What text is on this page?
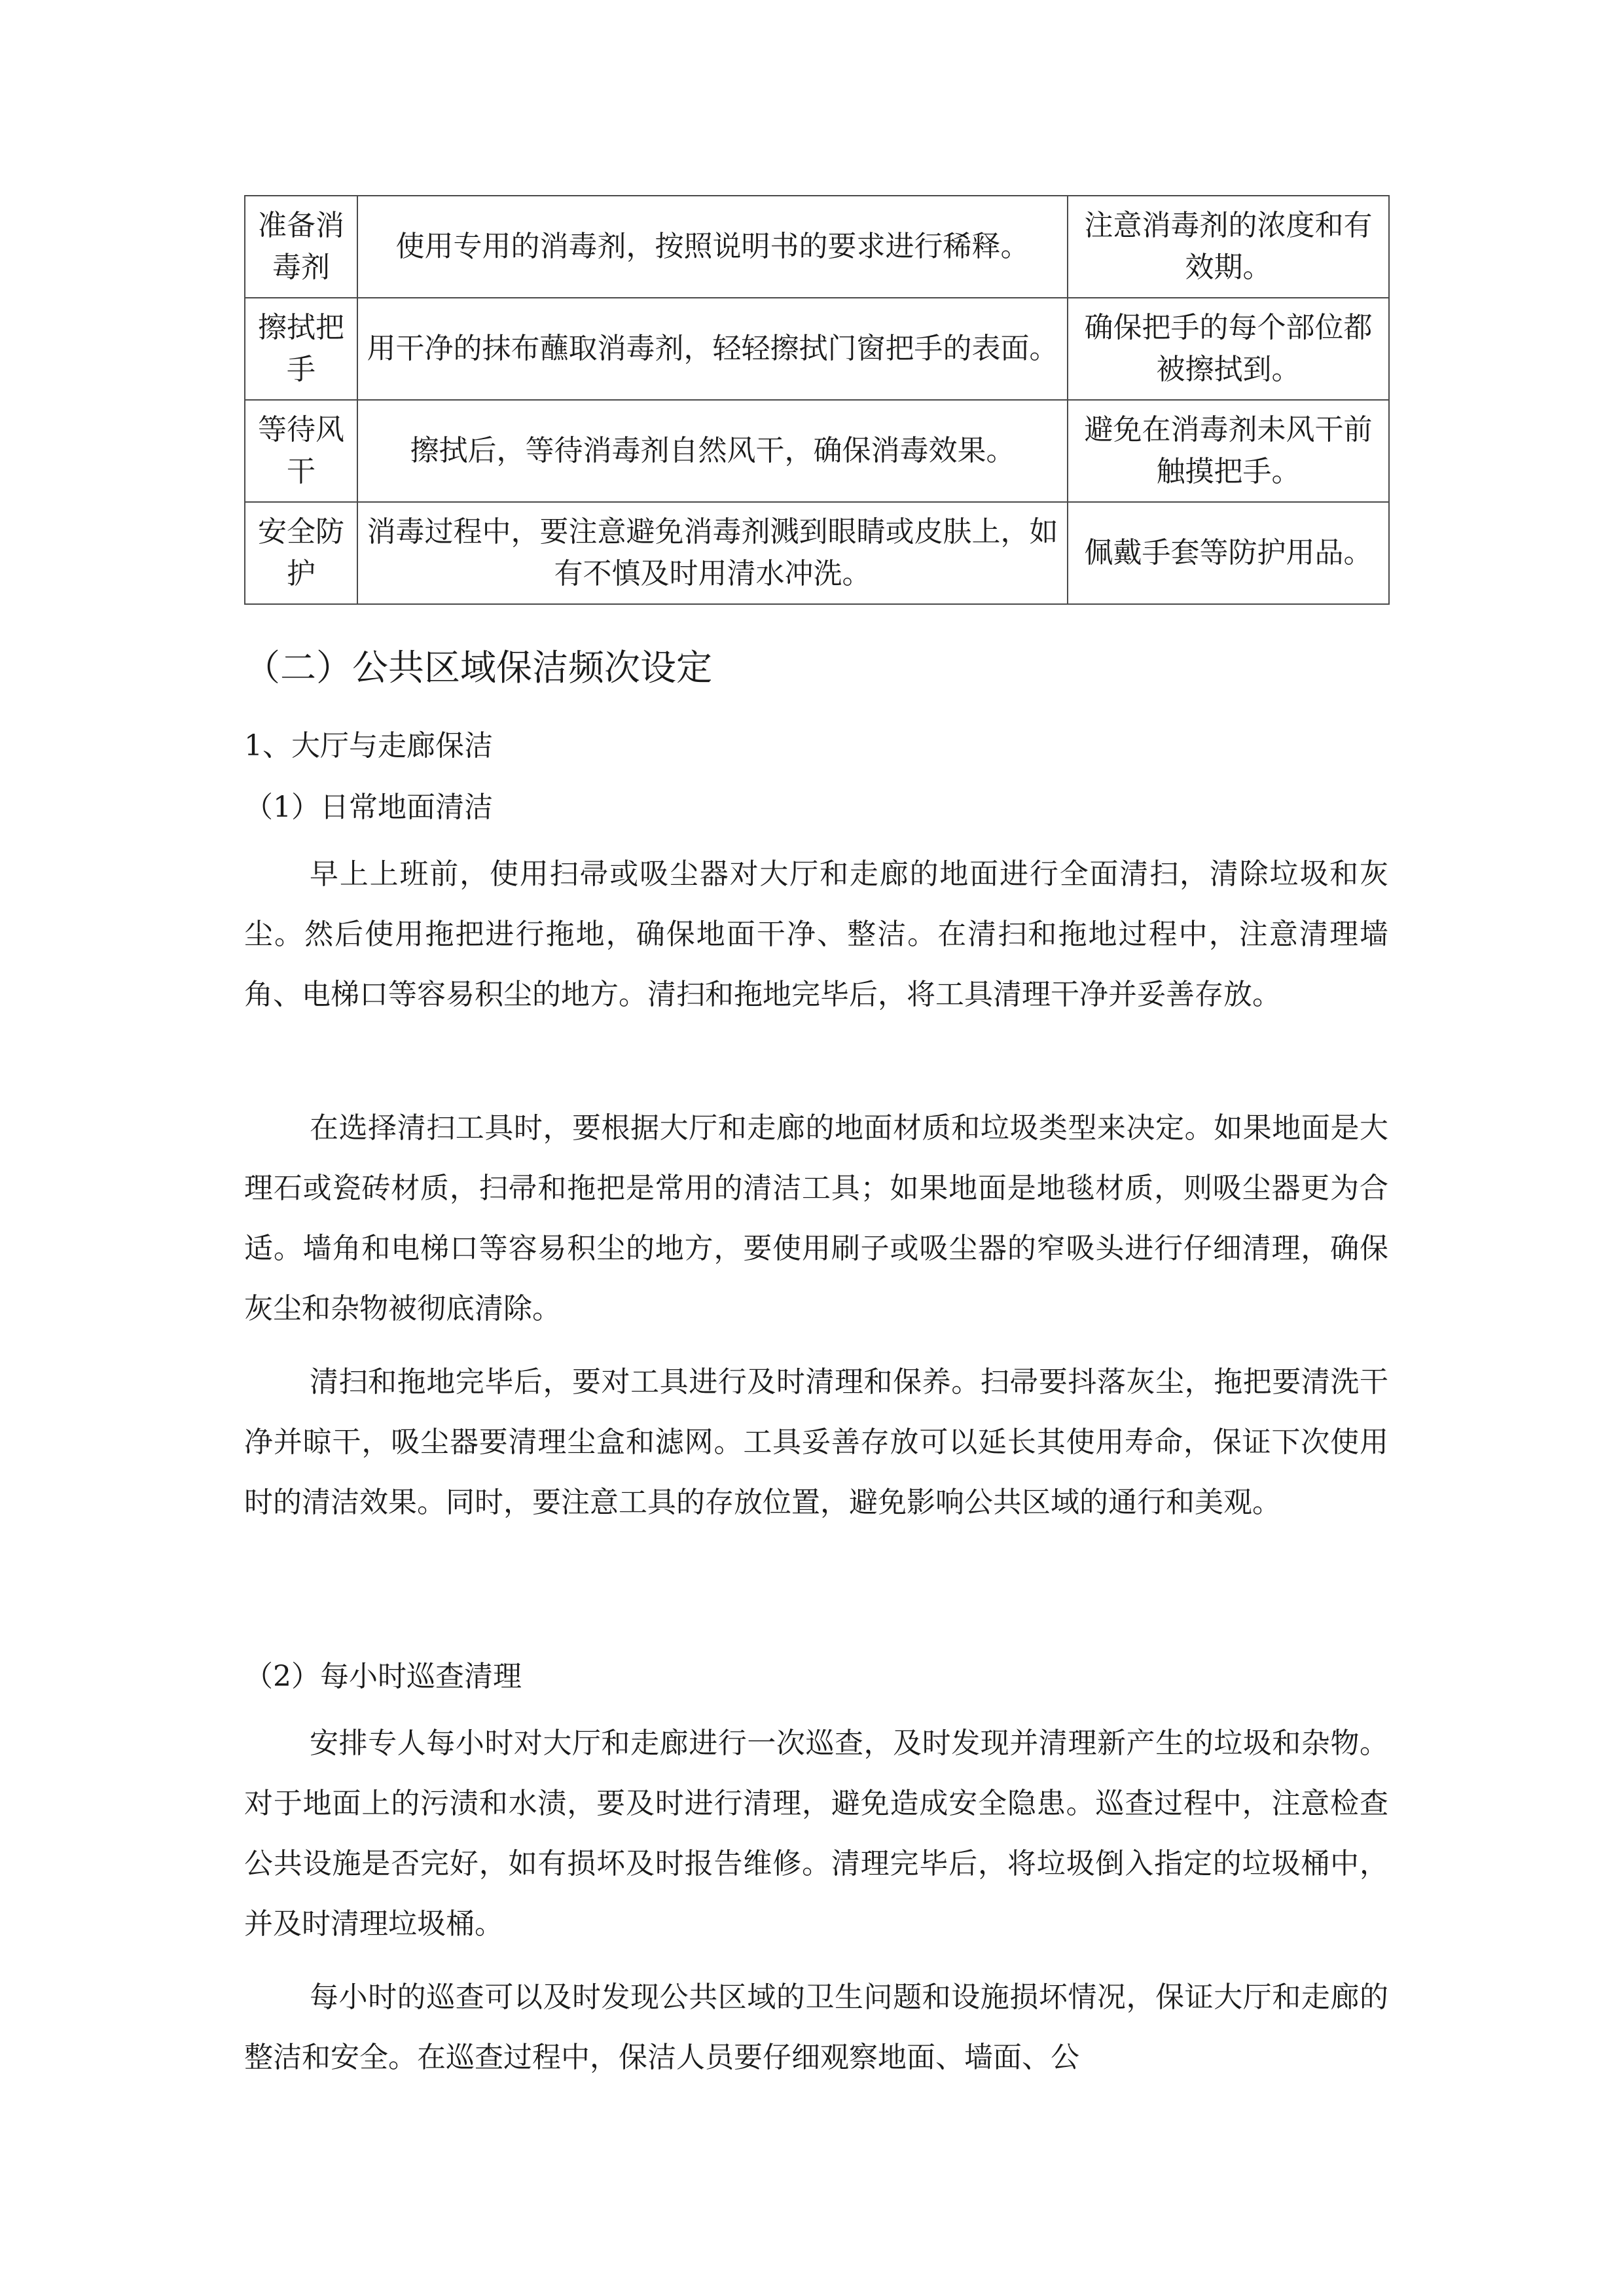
准备消毒剂	使用专用的消毒剂，按照说明书的要求进行稀释。	注意消毒剂的浓度和有效期。
擦拭把手	用干净的抹布蘸取消毒剂，轻轻擦拭门窗把手的表面。	确保把手的每个部位都被擦拭到。
等待风干	擦拭后，等待消毒剂自然风干，确保消毒效果。	避免在消毒剂未风干前触摸把手。
安全防护	消毒过程中，要注意避免消毒剂溅到眼睛或皮肤上，如有不慎及时用清水冲洗。	佩戴手套等防护用品。
（二）公共区域保洁频次设定

1、大厅与走廊保洁

（1）日常地面清洁

早上上班前，使用扫帚或吸尘器对大厅和走廊的地面进行全面清扫，清除垃圾和灰尘。然后使用拖把进行拖地，确保地面干净、整洁。在清扫和拖地过程中，注意清理墙角、电梯口等容易积尘的地方。清扫和拖地完毕后，将工具清理干净并妥善存放。

在选择清扫工具时，要根据大厅和走廊的地面材质和垃圾类型来决定。如果地面是大理石或瓷砖材质，扫帚和拖把是常用的清洁工具；如果地面是地毯材质，则吸尘器更为合适。墙角和电梯口等容易积尘的地方，要使用刷子或吸尘器的窄吸头进行仔细清理，确保灰尘和杂物被彻底清除。

清扫和拖地完毕后，要对工具进行及时清理和保养。扫帚要抖落灰尘，拖把要清洗干净并晾干，吸尘器要清理尘盒和滤网。工具妥善存放可以延长其使用寿命，保证下次使用时的清洁效果。同时，要注意工具的存放位置，避免影响公共区域的通行和美观。

（2）每小时巡查清理

安排专人每小时对大厅和走廊进行一次巡查，及时发现并清理新产生的垃圾和杂物。对于地面上的污渍和水渍，要及时进行清理，避免造成安全隐患。巡查过程中，注意检查公共设施是否完好，如有损坏及时报告维修。清理完毕后，将垃圾倒入指定的垃圾桶中，并及时清理垃圾桶。

每小时的巡查可以及时发现公共区域的卫生问题和设施损坏情况，保证大厅和走廊的整洁和安全。在巡查过程中，保洁人员要仔细观察地面、墙面、公
